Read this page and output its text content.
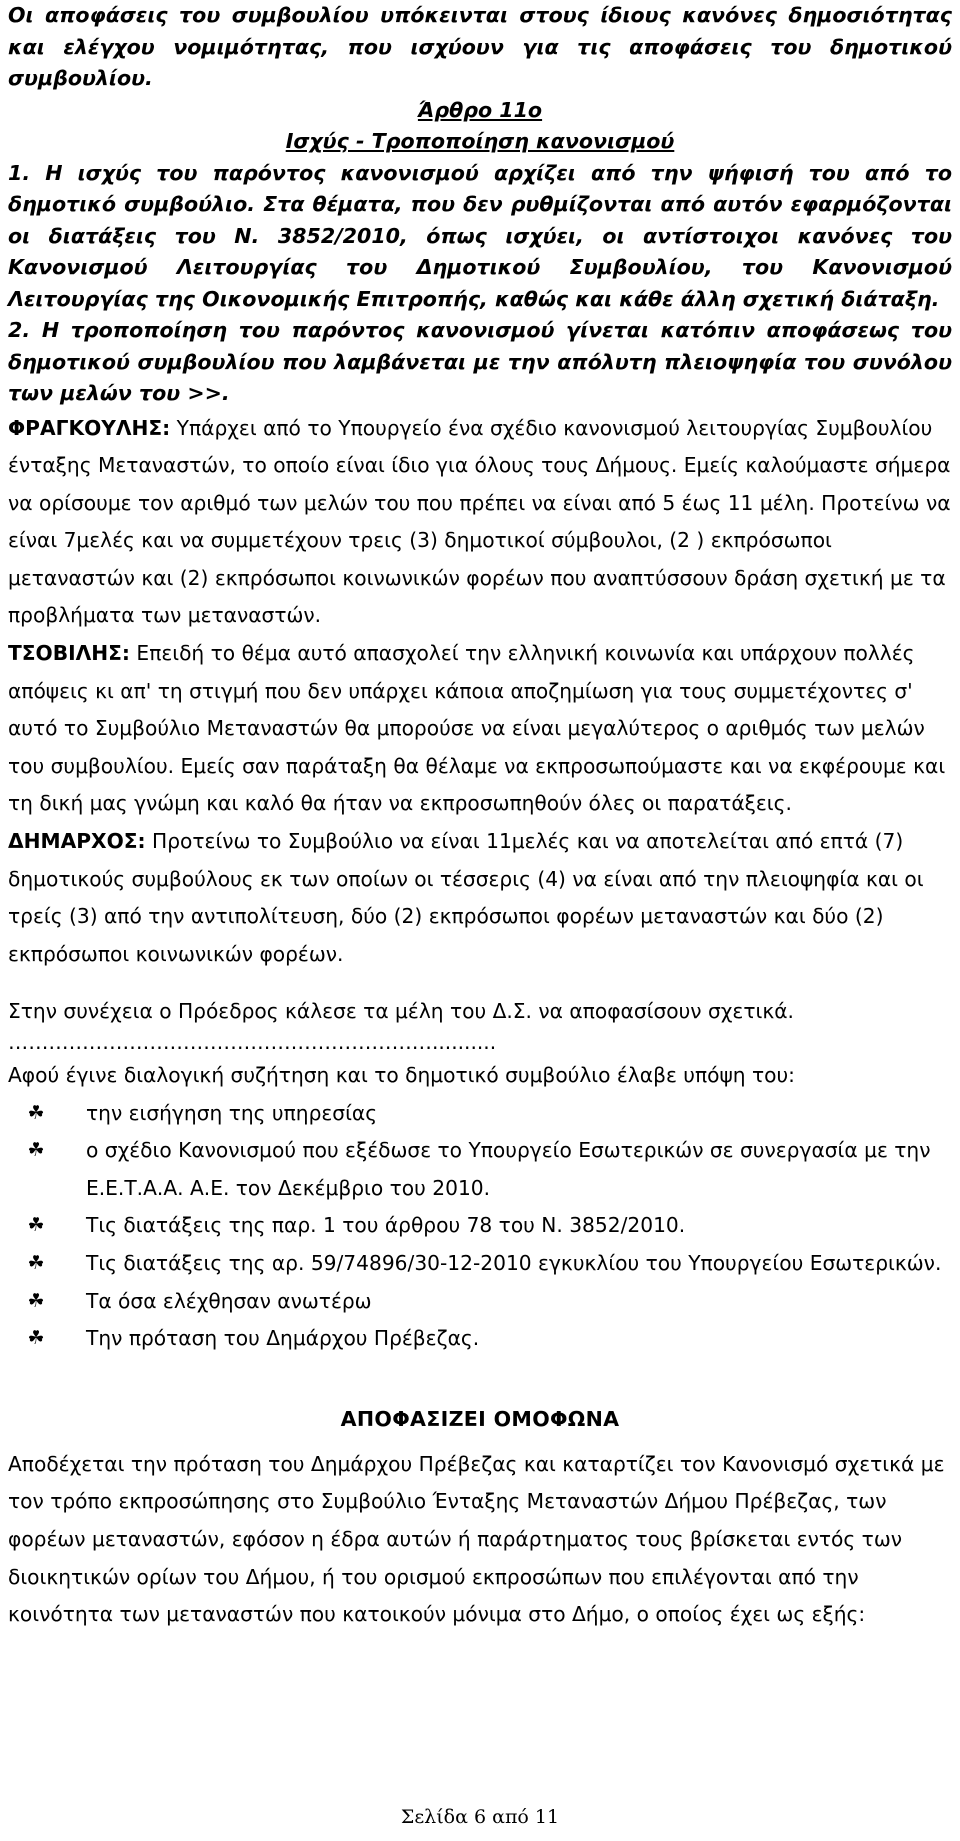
Οι αποφάσεις του συμβουλίου υπόκεινται στους ίδιους κανόνες δημοσιότητας και ελέγχου νομιμότητας, που ισχύουν για τις αποφάσεις του δημοτικού συμβουλίου.

Άρθρο 11ο

Ισχύς - Τροποποίηση κανονισμού

1. Η ισχύς του παρόντος κανονισμού αρχίζει από την ψήφισή του από το δημοτικό συμβούλιο. Στα θέματα, που δεν ρυθμίζονται από αυτόν εφαρμόζονται οι διατάξεις του Ν. 3852/2010, όπως ισχύει, οι αντίστοιχοι κανόνες του Κανονισμού Λειτουργίας του Δημοτικού Συμβουλίου, του Κανονισμού Λειτουργίας της Οικονομικής Επιτροπής, καθώς και κάθε άλλη σχετική διάταξη.

2. Η τροποποίηση του παρόντος κανονισμού γίνεται κατόπιν αποφάσεως του δημοτικού συμβουλίου που λαμβάνεται με την απόλυτη πλειοψηφία του συνόλου των μελών του >>.

ΦΡΑΓΚΟΥΛΗΣ: Υπάρχει από το Υπουργείο ένα σχέδιο κανονισμού λειτουργίας Συμβουλίου ένταξης Μεταναστών, το οποίο είναι ίδιο για όλους τους Δήμους. Εμείς καλούμαστε σήμερα να ορίσουμε τον αριθμό των μελών του που πρέπει να είναι από 5 έως 11 μέλη. Προτείνω να είναι 7μελές και να συμμετέχουν τρεις (3) δημοτικοί σύμβουλοι, (2 ) εκπρόσωποι μεταναστών και (2) εκπρόσωποι κοινωνικών φορέων που αναπτύσσουν δράση σχετική με τα προβλήματα των μεταναστών.

ΤΣΟΒΙΛΗΣ: Επειδή το θέμα αυτό απασχολεί την ελληνική κοινωνία και υπάρχουν πολλές απόψεις κι απ' τη στιγμή που δεν υπάρχει κάποια αποζημίωση για τους συμμετέχοντες σ' αυτό το Συμβούλιο Μεταναστών θα μπορούσε να είναι μεγαλύτερος ο αριθμός των μελών του συμβουλίου. Εμείς σαν παράταξη θα θέλαμε να εκπροσωπούμαστε και να εκφέρουμε και τη δική μας γνώμη και καλό θα ήταν να εκπροσωπηθούν όλες οι παρατάξεις.

ΔΗΜΑΡΧΟΣ: Προτείνω το Συμβούλιο να είναι 11μελές και να αποτελείται από επτά (7) δημοτικούς συμβούλους εκ των οποίων οι τέσσερις (4) να είναι από την πλειοψηφία και οι τρείς (3) από την αντιπολίτευση, δύο (2) εκπρόσωποι φορέων μεταναστών και δύο (2) εκπρόσωποι κοινωνικών φορέων.

Στην συνέχεια ο Πρόεδρος κάλεσε τα μέλη του Δ.Σ. να αποφασίσουν σχετικά.

………………………………………………………..........

Αφού έγινε διαλογική συζήτηση και το δημοτικό συμβούλιο έλαβε υπόψη του:

☘ την εισήγηση της υπηρεσίας
☘ ο σχέδιο Κανονισμού που εξέδωσε το Υπουργείο Εσωτερικών σε συνεργασία με την Ε.Ε.Τ.Α.Α. Α.Ε. τον Δεκέμβριο του 2010.
☘ Τις διατάξεις της παρ. 1 του άρθρου 78 του Ν. 3852/2010.
☘ Τις διατάξεις της αρ. 59/74896/30-12-2010 εγκυκλίου του Υπουργείου Εσωτερικών.
☘ Τα όσα ελέχθησαν ανωτέρω
☘ Την πρόταση του Δημάρχου Πρέβεζας.
ΑΠΟΦΑΣΙΖΕΙ ΟΜΟΦΩΝΑ

Αποδέχεται την πρόταση του Δημάρχου Πρέβεζας και καταρτίζει τον Κανονισμό σχετικά με τον τρόπο εκπροσώπησης στο Συμβούλιο Ένταξης Μεταναστών Δήμου Πρέβεζας, των φορέων μεταναστών, εφόσον η έδρα αυτών ή παράρτηματος τους βρίσκεται εντός των διοικητικών ορίων του Δήμου, ή του ορισμού εκπροσώπων που επιλέγονται από την κοινότητα των μεταναστών που κατοικούν μόνιμα στο Δήμο, ο οποίος έχει ως εξής:

Σελίδα 6 από 11
